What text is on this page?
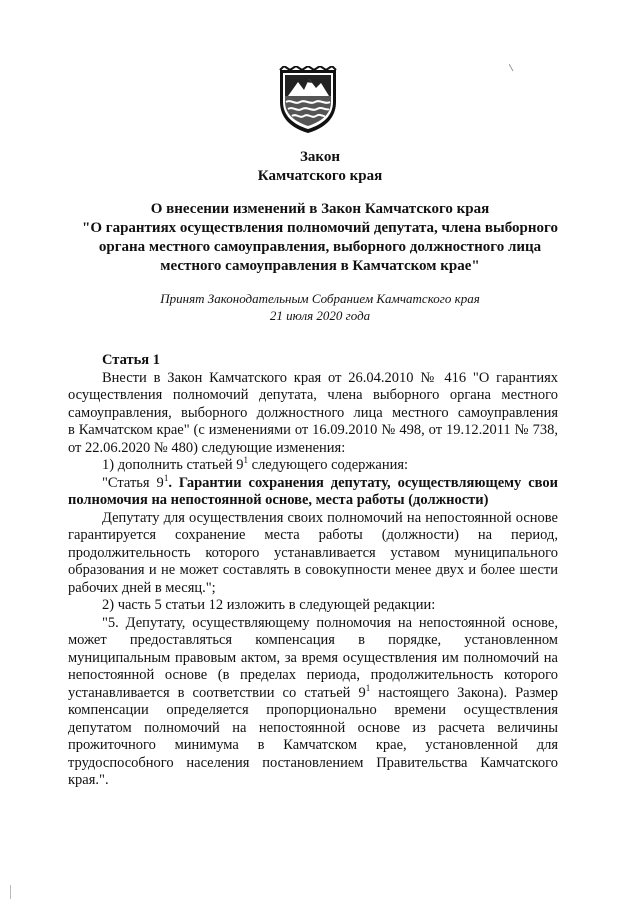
Закон
Камчатского края
О внесении изменений в Закон Камчатского края
"О гарантиях осуществления полномочий депутата, члена выборного
органа местного самоуправления, выборного должностного лица
местного самоуправления в Камчатском крае"
Принят Законодательным Собранием Камчатского края
21 июля 2020 года

Статья 1

Внести в Закон Камчатского края от 26.04.2010 № 416 "О гарантиях

осуществления полномочий депутата, члена выборного органа местного

самоуправления, выборного должностного лица местного самоуправления

в Камчатском крае" (с изменениями от 16.09.2010 № 498, от 19.12.2011 № 738, от 22.06.2020 № 480) следующие изменения:

1) дополнить статьей $9^1$ следующего содержания:

"Статья $9^1$. Гарантии сохранения депутату, осуществляющему свои полномочия на непостоянной основе, места работы (должности)

Депутату для осуществления своих полномочий на непостоянной основе гарантируется сохранение места работы (должности) на период, продолжительность которого устанавливается уставом муниципального образования и не может составлять в совокупности менее двух и более шести рабочих дней в месяц.";

2) часть 5 статьи 12 изложить в следующей редакции:

"5. Депутату, осуществляющему полномочия на непостоянной основе, может предоставляться компенсация в порядке, установленном муниципальным правовым актом, за время осуществления им полномочий на непостоянной основе (в пределах периода, продолжительность которого устанавливается в соответствии со статьей $9^1$ настоящего Закона). Размер компенсации определяется пропорционально времени осуществления депутатом полномочий на непостоянной основе из расчета величины прожиточного минимума в Камчатском крае, установленной для трудоспособного населения постановлением Правительства Камчатского края.".
